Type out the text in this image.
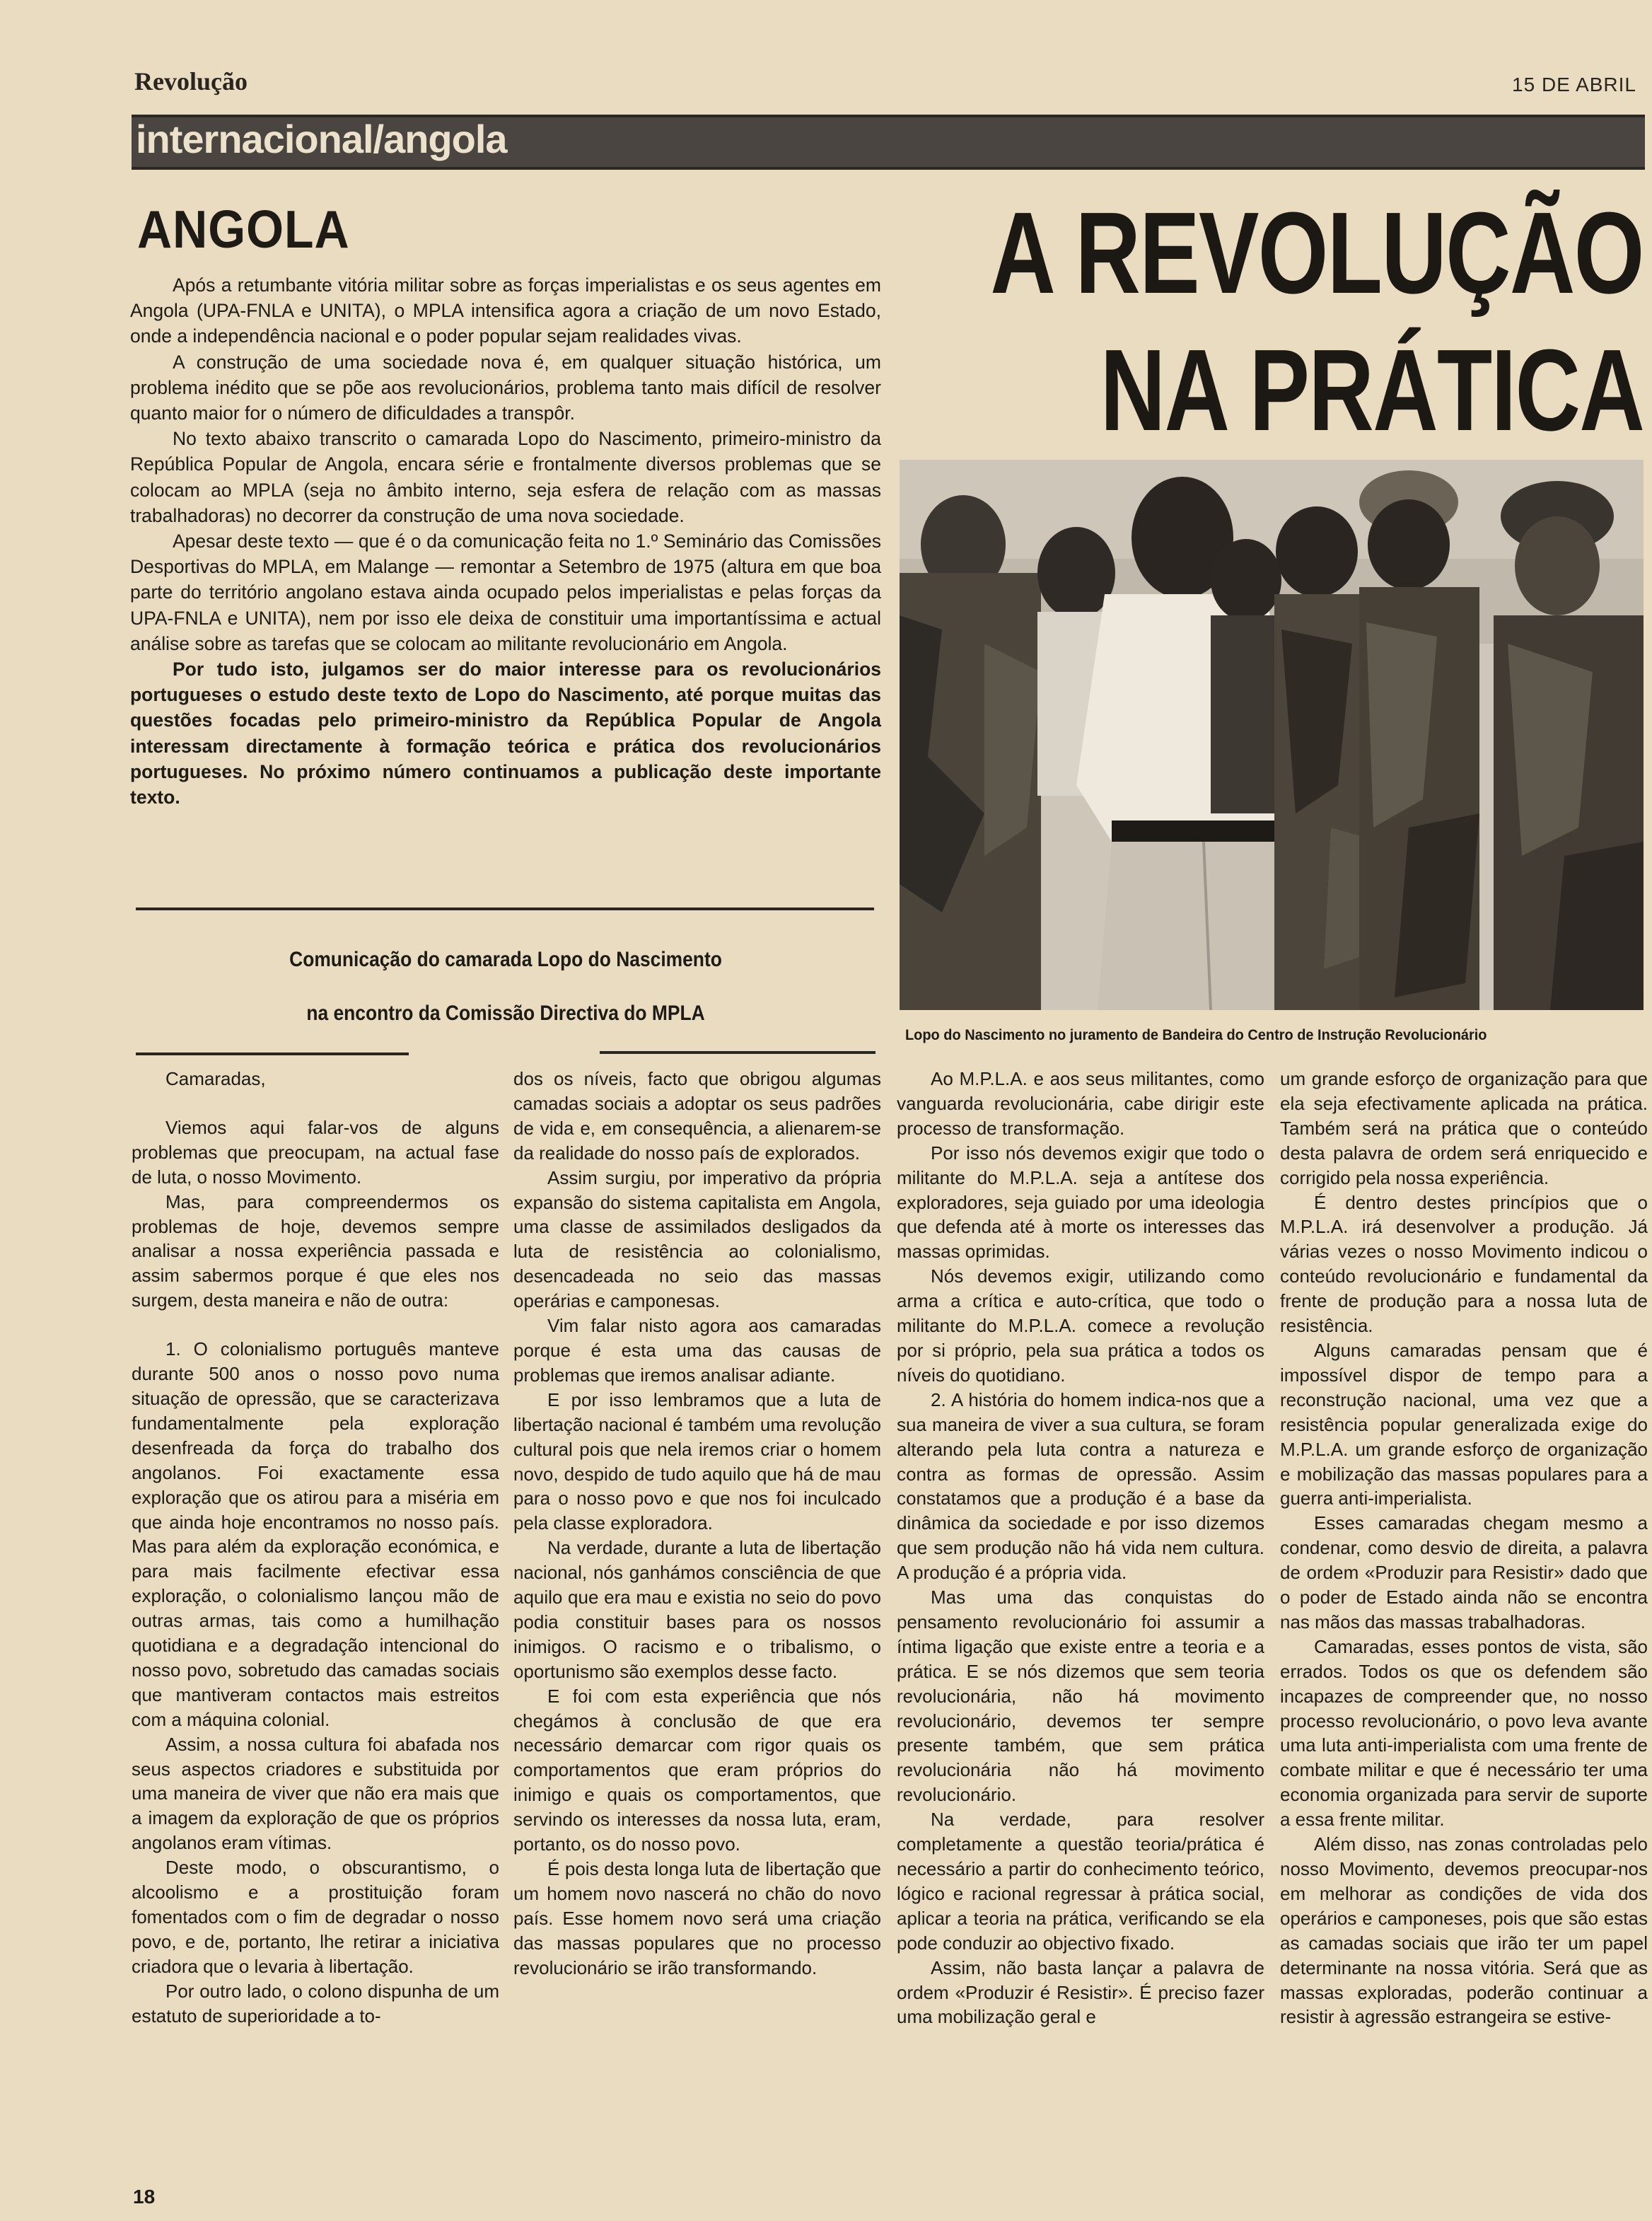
Revolução	15 DE ABRIL
internacional/angola
ANGOLA	A REVOLUÇÃO
NA PRÁTICA

Após a retumbante vitória militar sobre as forças imperialistas e os seus agentes em Angola (UPA-FNLA e UNITA), o MPLA intensifica agora a criação de um novo Estado, onde a independência nacional e o poder popular sejam realidades vivas.

A construção de uma sociedade nova é, em qualquer situação histórica, um problema inédito que se põe aos revolucionários, problema tanto mais difícil de resolver quanto maior for o número de dificuldades a transpôr.

No texto abaixo transcrito o camarada Lopo do Nascimento, primeiro-ministro da República Popular de Angola, encara série e frontalmente diversos problemas que se colocam ao MPLA (seja no âmbito interno, seja esfera de relação com as massas trabalhadoras) no decorrer da construção de uma nova sociedade.

Apesar deste texto — que é o da comunicação feita no 1.º Seminário das Comissões Desportivas do MPLA, em Malange — remontar a Setembro de 1975 (altura em que boa parte do território angolano estava ainda ocupado pelos imperialistas e pelas forças da UPA-FNLA e UNITA), nem por isso ele deixa de constituir uma importantíssima e actual análise sobre as tarefas que se colocam ao militante revolucionário em Angola.

Por tudo isto, julgamos ser do maior interesse para os revolucionários portugueses o estudo deste texto de Lopo do Nascimento, até porque muitas das questões focadas pelo primeiro-ministro da República Popular de Angola interessam directamente à formação teórica e prática dos revolucionários portugueses. No próximo número continuamos a publicação deste importante texto.

Comunicação do camarada Lopo do Nascimento
na encontro da Comissão Directiva do MPLA
Lopo do Nascimento no juramento de Bandeira do Centro de Instrução Revolucionário

Camaradas,

Viemos aqui falar-vos de alguns problemas que preocupam, na actual fase de luta, o nosso Movimento.

Mas, para compreendermos os problemas de hoje, devemos sempre analisar a nossa experiência passada e assim sabermos porque é que eles nos surgem, desta maneira e não de outra:

1. O colonialismo português manteve durante 500 anos o nosso povo numa situação de opressão, que se caracterizava fundamentalmente pela exploração desenfreada da força do trabalho dos angolanos. Foi exactamente essa exploração que os atirou para a miséria em que ainda hoje encontramos no nosso país. Mas para além da exploração económica, e para mais facilmente efectivar essa exploração, o colonialismo lançou mão de outras armas, tais como a humilhação quotidiana e a degradação intencional do nosso povo, sobretudo das camadas sociais que mantiveram contactos mais estreitos com a máquina colonial.

Assim, a nossa cultura foi abafada nos seus aspectos criadores e substituida por uma maneira de viver que não era mais que a imagem da exploração de que os próprios angolanos eram vítimas.

Deste modo, o obscurantismo, o alcoolismo e a prostituição foram fomentados com o fim de degradar o nosso povo, e de, portanto, lhe retirar a iniciativa criadora que o levaria à libertação.

Por outro lado, o colono dispunha de um estatuto de superioridade a to-

dos os níveis, facto que obrigou algumas camadas sociais a adoptar os seus padrões de vida e, em consequência, a alienarem-se da realidade do nosso país de explorados.

Assim surgiu, por imperativo da própria expansão do sistema capitalista em Angola, uma classe de assimilados desligados da luta de resistência ao colonialismo, desencadeada no seio das massas operárias e camponesas.

Vim falar nisto agora aos camaradas porque é esta uma das causas de problemas que iremos analisar adiante.

E por isso lembramos que a luta de libertação nacional é também uma revolução cultural pois que nela iremos criar o homem novo, despido de tudo aquilo que há de mau para o nosso povo e que nos foi inculcado pela classe exploradora.

Na verdade, durante a luta de libertação nacional, nós ganhámos consciência de que aquilo que era mau e existia no seio do povo podia constituir bases para os nossos inimigos. O racismo e o tribalismo, o oportunismo são exemplos desse facto.

E foi com esta experiência que nós chegámos à conclusão de que era necessário demarcar com rigor quais os comportamentos que eram próprios do inimigo e quais os comportamentos, que servindo os interesses da nossa luta, eram, portanto, os do nosso povo.

É pois desta longa luta de libertação que um homem novo nascerá no chão do novo país. Esse homem novo será uma criação das massas populares que no processo revolucionário se irão transformando.

Ao M.P.L.A. e aos seus militantes, como vanguarda revolucionária, cabe dirigir este processo de transformação.

Por isso nós devemos exigir que todo o militante do M.P.L.A. seja a antítese dos exploradores, seja guiado por uma ideologia que defenda até à morte os interesses das massas oprimidas.

Nós devemos exigir, utilizando como arma a crítica e auto-crítica, que todo o militante do M.P.L.A. comece a revolução por si próprio, pela sua prática a todos os níveis do quotidiano.

2. A história do homem indica-nos que a sua maneira de viver a sua cultura, se foram alterando pela luta contra a natureza e contra as formas de opressão. Assim constatamos que a produção é a base da dinâmica da sociedade e por isso dizemos que sem produção não há vida nem cultura. A produção é a própria vida.

Mas uma das conquistas do pensamento revolucionário foi assumir a íntima ligação que existe entre a teoria e a prática. E se nós dizemos que sem teoria revolucionária, não há movimento revolucionário, devemos ter sempre presente também, que sem prática revolucionária não há movimento revolucionário.

Na verdade, para resolver completamente a questão teoria/prática é necessário a partir do conhecimento teórico, lógico e racional regressar à prática social, aplicar a teoria na prática, verificando se ela pode conduzir ao objectivo fixado.

Assim, não basta lançar a palavra de ordem «Produzir é Resistir». É preciso fazer uma mobilização geral e

um grande esforço de organização para que ela seja efectivamente aplicada na prática. Também será na prática que o conteúdo desta palavra de ordem será enriquecido e corrigido pela nossa experiência.

É dentro destes princípios que o M.P.L.A. irá desenvolver a produção. Já várias vezes o nosso Movimento indicou o conteúdo revolucionário e fundamental da frente de produção para a nossa luta de resistência.

Alguns camaradas pensam que é impossível dispor de tempo para a reconstrução nacional, uma vez que a resistência popular generalizada exige do M.P.L.A. um grande esforço de organização e mobilização das massas populares para a guerra anti-imperialista.

Esses camaradas chegam mesmo a condenar, como desvio de direita, a palavra de ordem «Produzir para Resistir» dado que o poder de Estado ainda não se encontra nas mãos das massas trabalhadoras.

Camaradas, esses pontos de vista, são errados. Todos os que os defendem são incapazes de compreender que, no nosso processo revolucionário, o povo leva avante uma luta anti-imperialista com uma frente de combate militar e que é necessário ter uma economia organizada para servir de suporte a essa frente militar.

Além disso, nas zonas controladas pelo nosso Movimento, devemos preocupar-nos em melhorar as condições de vida dos operários e camponeses, pois que são estas as camadas sociais que irão ter um papel determinante na nossa vitória. Será que as massas exploradas, poderão continuar a resistir à agressão estrangeira se estive-

18
